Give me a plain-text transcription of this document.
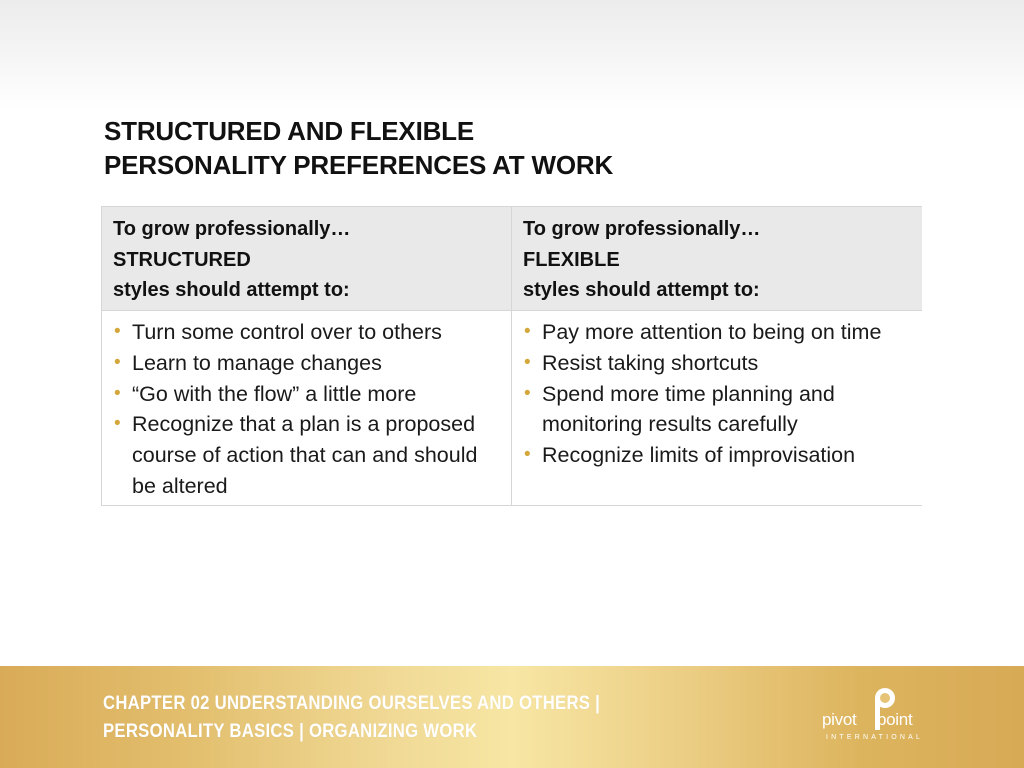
STRUCTURED AND FLEXIBLE
PERSONALITY PREFERENCES AT WORK
To grow professionally…
STRUCTURED
styles should attempt to:
To grow professionally…
FLEXIBLE
styles should attempt to:
• Turn some control over to others
• Learn to manage changes
• “Go with the flow” a little more
• Recognize that a plan is a proposed course of action that can and should be altered
• Pay more attention to being on time
• Resist taking shortcuts
• Spend more time planning and monitoring results carefully
• Recognize limits of improvisation
CHAPTER 02 UNDERSTANDING OURSELVES AND OTHERS |
PERSONALITY BASICS | ORGANIZING WORK
pivot point
INTERNATIONAL
